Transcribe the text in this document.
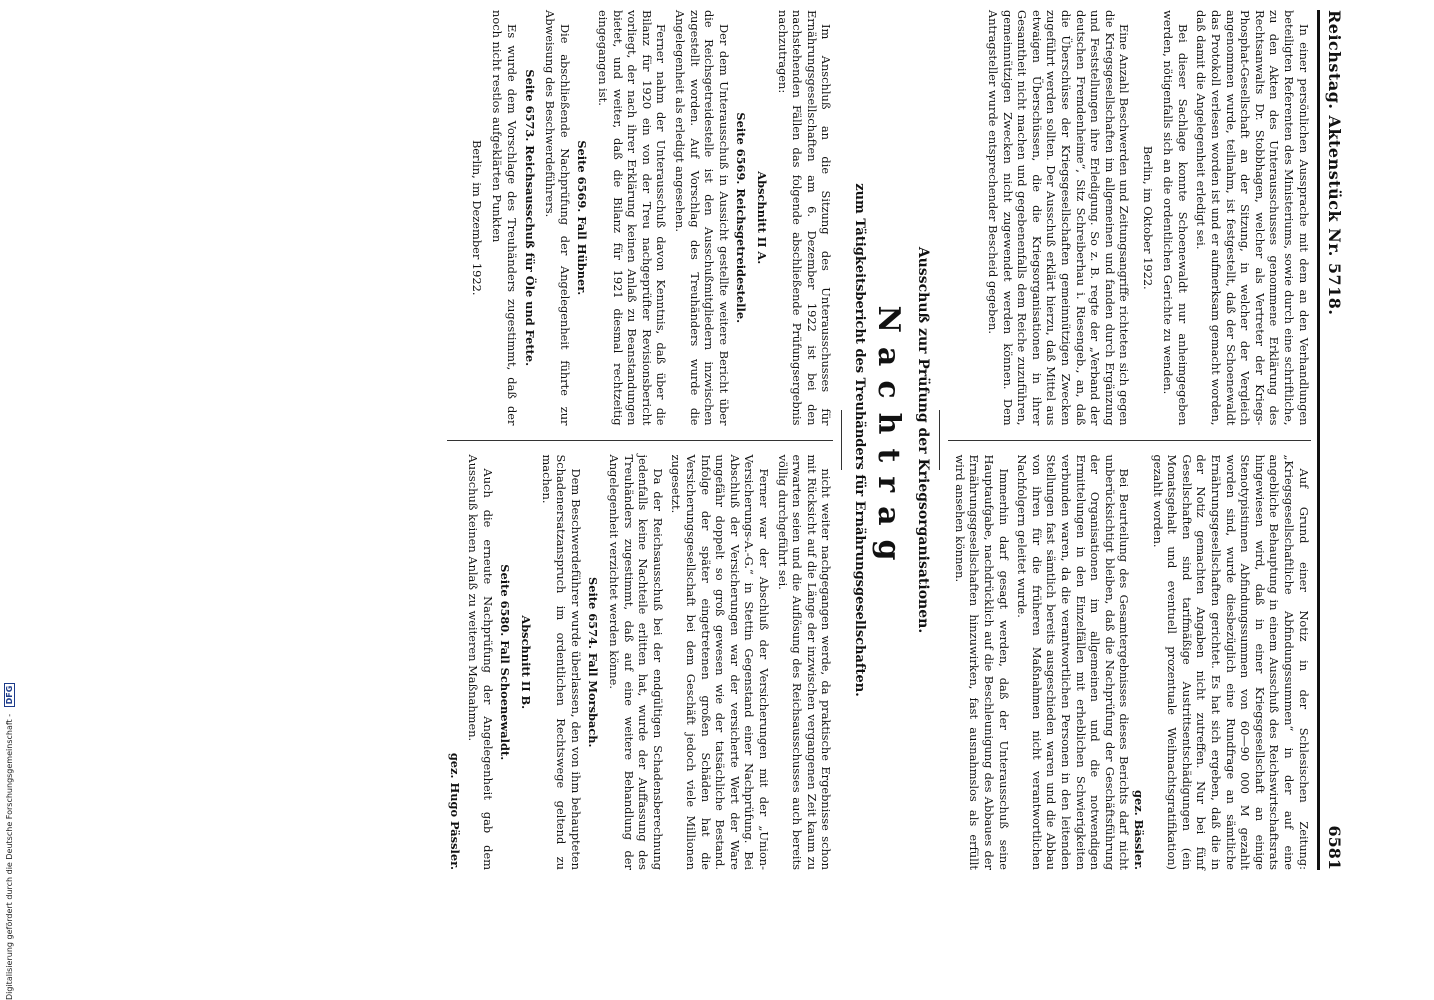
Digitalisierung gefördert durch die Deutsche Forschungsgemeinschaft - DFG
Reichstag. Aktenstück Nr. 5718.
6581

In einer persönlichen Aussprache mit dem an den Verhandlungen beteiligten Referenten des Ministeriums, sowie durch eine schriftliche, zu den Akten des Unterausschusses genommene Erklärung des Rechtsanwalts Dr. Stobbhagen, welcher als Vertreter der Kriegs-Phosphat-Gesellschaft an der Sitzung, in welcher der Vergleich angenommen wurde, teilnahm, ist festgestellt, daß der Schoenewaldt das Protokoll verlesen worden ist und er aufmerksam gemacht worden, daß damit die Angelegenheit erledigt sei.

Bei dieser Sachlage konnte Schoenewaldt nur anheimgegeben werden, nötigenfalls sich an die ordentlichen Gerichte zu wenden.

Berlin, im Oktober 1922.

Auf Grund einer Notiz in der Schlesischen Zeitung: „Kriegsgesellschaftliche Abfindungssummen“ in der auf eine angebliche Behauptung in einem Ausschuß des Reichswirtschaftsrats hingewiesen wird, daß in einer Kriegsgesellschaft an einige Stenotypistinnen Abfindungssummen von 60—90 000 M gezahlt worden sind, wurde diesbezüglich eine Rundfrage an sämtliche Ernährungsgesellschaften gerichtet. Es hat sich ergeben, daß die in der Notiz gemachten Angaben nicht zutreffen. Nur bei fünf Gesellschaften sind tarifmäßige Austrittsentschädigungen (ein Monatsgehalt und eventuell prozentuale Weihnachtsgratifikation) gezahlt worden.

gez. Bässler.

Eine Anzahl Beschwerden und Zeitungsangriffe richteten sich gegen die Kriegsgesellschaften im allgemeinen und fanden durch Ergänzung und Feststellungen ihre Erledigung. So z. B. regte der „Verband der deutschen Fremdenheime“, Sitz Schreiberhau i. Riesengeb., an, daß die Überschüsse der Kriegsgesellschaften gemeinnützigen Zwecken zugeführt werden sollten. Der Ausschuß erklärt hierzu, daß Mittel aus etwaigen Überschüssen, die die Kriegsorganisationen in ihrer Gesamtheit nicht machen und gegebenenfalls dem Reiche zuzuführen, gemeinnützigen Zwecken nicht zugewendet werden können. Dem Antragsteller wurde entsprechender Bescheid gegeben.

Bei Beurteilung des Gesamtergebnisses dieses Berichts darf nicht unberücksichtigt bleiben, daß die Nachprüfung der Geschäftsführung der Organisationen im allgemeinen und die notwendigen Ermittelungen in den Einzelfällen mit erheblichen Schwierigkeiten verbunden waren, da die verantwortlichen Personen in den leitenden Stellungen fast sämtlich bereits ausgeschieden waren und die Abbau von ihren für die früheren Maßnahmen nicht verantwortlichen Nachfolgern geleitet wurde.

Immerhin darf gesagt werden, daß der Unterausschuß seine Hauptaufgabe, nachdrücklich auf die Beschleunigung des Abbaues der Ernährungsgesellschaften hinzuwirken, fast ausnahmslos als erfüllt wird ansehen können.

Ausschuß zur Prüfung der Kriegsorganisationen.
Nachtrag
zum Tätigkeitsbericht des Treuhänders für Ernährungsgesellschaften.

Im Anschluß an die Sitzung des Unterausschusses für Ernährungsgesellschaften am 6. Dezember 1922 ist bei den nachstehenden Fällen das folgende abschließende Prüfungsergebnis nachzutragen:

Abschnitt II A.
Seite 6569. Reichsgetreidestelle.

Der dem Unterausschuß in Aussicht gestellte weitere Bericht über die Reichsgetreidestelle ist den Ausschußmitgliedern inzwischen zugestellt worden. Auf Vorschlag des Treuhänders wurde die Angelegenheit als erledigt angesehen.

Ferner nahm der Unterausschuß davon Kenntnis, daß über die Bilanz für 1920 ein von der Treu nachgeprüfter Revisionsbericht vorliegt, der nach ihrer Erklärung keinen Anlaß zu Beanstandungen bietet, und weiter, daß die Bilanz für 1921 diesmal rechtzeitig eingegangen ist.

Seite 6569. Fall Hübner.

Die abschließende Nachprüfung der Angelegenheit führte zur Abweisung des Beschwerdeführers.

Seite 6573. Reichsausschuß für Öle und Fette.

Es wurde dem Vorschlage des Treuhänders zugestimmt, daß der noch nicht restlos aufgeklärten Punkten

Berlin, im Dezember 1922.

nicht weiter nachgegangen werde, da praktische Ergebnisse schon mit Rücksicht auf die Länge der inzwischen vergangenen Zeit kaum zu erwarten seien und die Auflösung des Reichsausschusses auch bereits völlig durchgeführt sei.

Ferner war der Abschluß der Versicherungen mit der „Union-Versicherungs-A.-G.“ in Stettin Gegenstand einer Nachprüfung. Bei Abschluß der Versicherungen war der versicherte Wert der Ware ungefähr doppelt so groß gewesen wie der tatsächliche Bestand. Infolge der später eingetretenen großen Schäden hat die Versicherungsgesellschaft bei dem Geschäft jedoch viele Millionen zugesetzt.

Da der Reichsausschuß bei der endgültigen Schadensberechnung jedenfalls keine Nachteile erlitten hat, wurde der Auffassung des Treuhänders zugestimmt, daß auf eine weitere Behandlung der Angelegenheit verzichtet werden könne.

Seite 6574. Fall Morsbach.

Dem Beschwerdeführer wurde überlassen, den von ihm behaupteten Schadenersatzanspruch im ordentlichen Rechtswege geltend zu machen.

Abschnitt II B.
Seite 6580. Fall Schoenewaldt.

Auch die erneute Nachprüfung der Angelegenheit gab dem Ausschuß keinen Anlaß zu weiteren Maßnahmen.

gez. Hugo Pässler.
